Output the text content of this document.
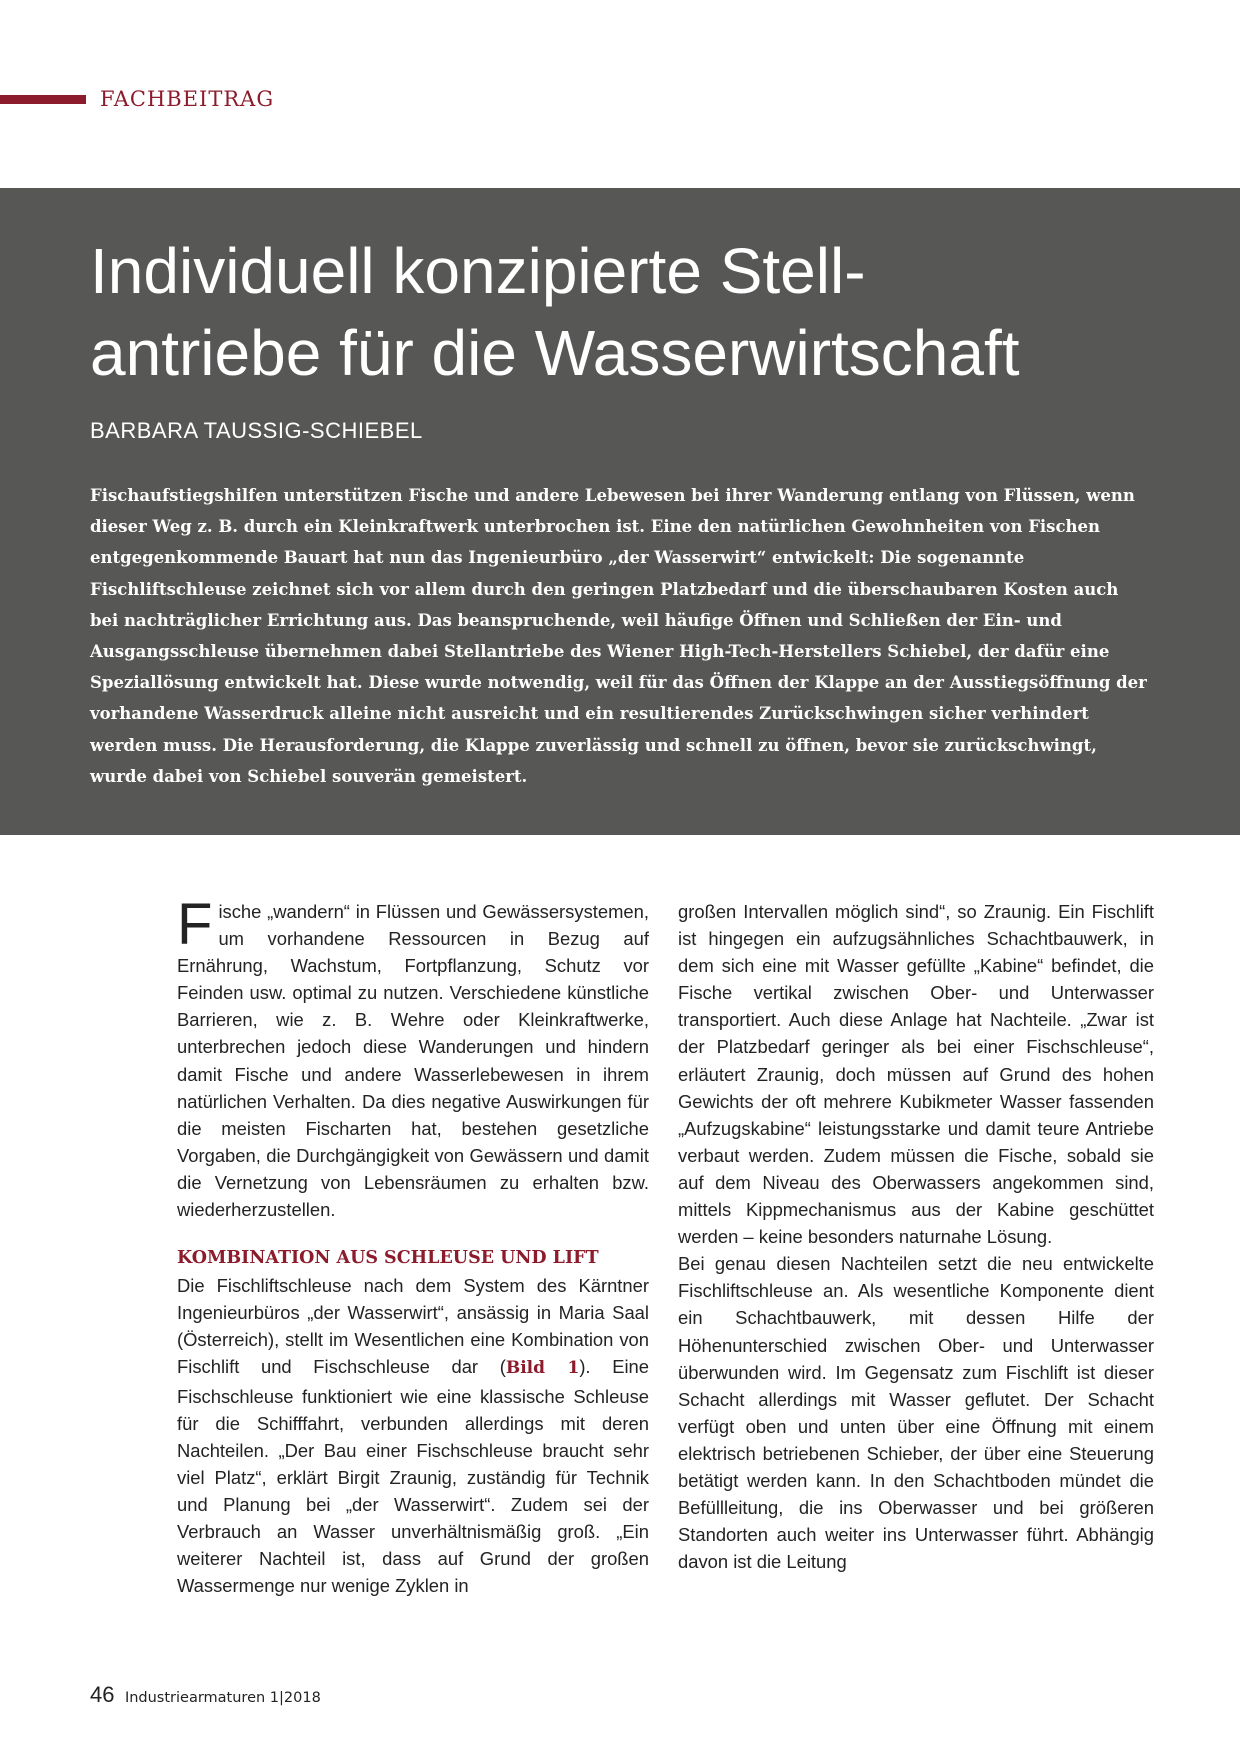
FACHBEITRAG
Individuell konzipierte Stell-
antriebe für die Wasserwirtschaft
BARBARA TAUSSIG-SCHIEBEL

Fischaufstiegshilfen unterstützen Fische und andere Lebewesen bei ihrer Wanderung entlang von Flüssen, wenn dieser Weg z. B. durch ein Kleinkraftwerk unterbrochen ist. Eine den natürlichen Gewohnheiten von Fischen entgegenkommende Bauart hat nun das Ingenieurbüro „der Wasserwirt“ entwickelt: Die sogenannte Fischliftschleuse zeichnet sich vor allem durch den geringen Platzbedarf und die überschaubaren Kosten auch bei nachträglicher Errichtung aus. Das beanspruchende, weil häufige Öffnen und Schließen der Ein- und Ausgangsschleuse übernehmen dabei Stellantriebe des Wiener High-Tech-Herstellers Schiebel, der dafür eine Speziallösung entwickelt hat. Diese wurde notwendig, weil für das Öffnen der Klappe an der Ausstiegsöffnung der vorhandene Wasserdruck alleine nicht ausreicht und ein resultierendes Zurückschwingen sicher verhindert werden muss. Die Herausforderung, die Klappe zuverlässig und schnell zu öffnen, bevor sie zurückschwingt, wurde dabei von Schiebel souverän gemeistert.

Fische „wandern“ in Flüssen und Gewässersystemen, um vorhandene Ressourcen in Bezug auf Ernährung, Wachstum, Fortpflanzung, Schutz vor Feinden usw. optimal zu nutzen. Verschiedene künstliche Barrieren, wie z. B. Wehre oder Kleinkraftwerke, unterbrechen jedoch diese Wanderungen und hindern damit Fische und andere Wasserlebewesen in ihrem natürlichen Verhalten. Da dies negative Auswirkungen für die meisten Fischarten hat, bestehen gesetzliche Vorgaben, die Durchgängigkeit von Gewässern und damit die Vernetzung von Lebensräumen zu erhalten bzw. wiederherzustellen.

KOMBINATION AUS SCHLEUSE UND LIFT

Die Fischliftschleuse nach dem System des Kärntner Ingenieurbüros „der Wasserwirt“, ansässig in Maria Saal (Österreich), stellt im Wesentlichen eine Kombination von Fischlift und Fischschleuse dar (Bild 1). Eine Fischschleuse funktioniert wie eine klassische Schleuse für die Schifffahrt, verbunden allerdings mit deren Nachteilen. „Der Bau einer Fischschleuse braucht sehr viel Platz“, erklärt Birgit Zraunig, zuständig für Technik und Planung bei „der Wasserwirt“. Zudem sei der Verbrauch an Wasser unverhältnismäßig groß. „Ein weiterer Nachteil ist, dass auf Grund der großen Wassermenge nur wenige Zyklen in

großen Intervallen möglich sind“, so Zraunig. Ein Fischlift ist hingegen ein aufzugsähnliches Schachtbauwerk, in dem sich eine mit Wasser gefüllte „Kabine“ befindet, die Fische vertikal zwischen Ober- und Unterwasser transportiert. Auch diese Anlage hat Nachteile. „Zwar ist der Platzbedarf geringer als bei einer Fischschleuse“, erläutert Zraunig, doch müssen auf Grund des hohen Gewichts der oft mehrere Kubikmeter Wasser fassenden „Aufzugskabine“ leistungsstarke und damit teure Antriebe verbaut werden. Zudem müssen die Fische, sobald sie auf dem Niveau des Oberwassers angekommen sind, mittels Kippmechanismus aus der Kabine geschüttet werden – keine besonders naturnahe Lösung.

Bei genau diesen Nachteilen setzt die neu entwickelte Fischliftschleuse an. Als wesentliche Komponente dient ein Schachtbauwerk, mit dessen Hilfe der Höhenunterschied zwischen Ober- und Unterwasser überwunden wird. Im Gegensatz zum Fischlift ist dieser Schacht allerdings mit Wasser geflutet. Der Schacht verfügt oben und unten über eine Öffnung mit einem elektrisch betriebenen Schieber, der über eine Steuerung betätigt werden kann. In den Schachtboden mündet die Befüllleitung, die ins Oberwasser und bei größeren Standorten auch weiter ins Unterwasser führt. Abhängig davon ist die Leitung

46 Industriearmaturen 1|2018
